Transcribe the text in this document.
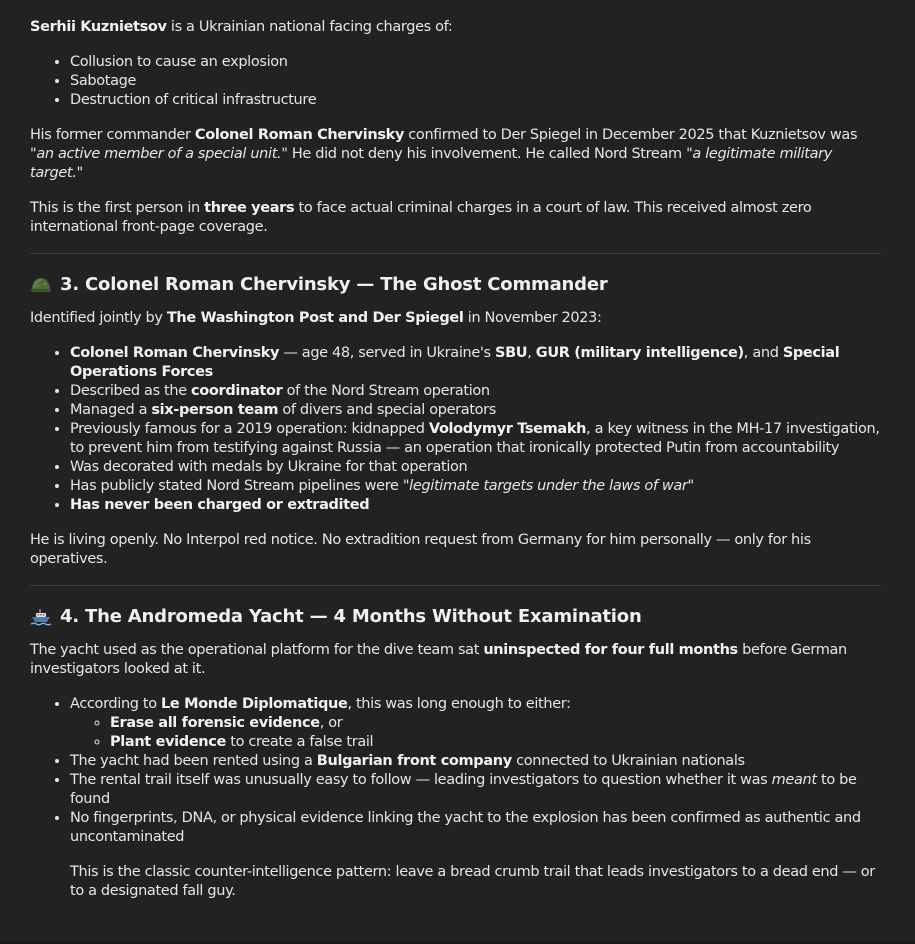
Serhii Kuznietsov is a Ukrainian national facing charges of:

• Collusion to cause an explosion
• Sabotage
• Destruction of critical infrastructure

His former commander Colonel Roman Chervinsky confirmed to Der Spiegel in December 2025 that Kuznietsov was "an active member of a special unit." He did not deny his involvement. He called Nord Stream "a legitimate military target."

This is the first person in three years to face actual criminal charges in a court of law. This received almost zero international front-page coverage.

3. Colonel Roman Chervinsky — The Ghost Commander

Identified jointly by The Washington Post and Der Spiegel in November 2023:

• Colonel Roman Chervinsky — age 48, served in Ukraine's SBU, GUR (military intelligence), and Special Operations Forces
• Described as the coordinator of the Nord Stream operation
• Managed a six-person team of divers and special operators
• Previously famous for a 2019 operation: kidnapped Volodymyr Tsemakh, a key witness in the MH-17 investigation, to prevent him from testifying against Russia — an operation that ironically protected Putin from accountability
• Was decorated with medals by Ukraine for that operation
• Has publicly stated Nord Stream pipelines were "legitimate targets under the laws of war"
• Has never been charged or extradited

He is living openly. No Interpol red notice. No extradition request from Germany for him personally — only for his operatives.

4. The Andromeda Yacht — 4 Months Without Examination

The yacht used as the operational platform for the dive team sat uninspected for four full months before German investigators looked at it.

• According to Le Monde Diplomatique, this was long enough to either:
◦ Erase all forensic evidence, or
◦ Plant evidence to create a false trail
• The yacht had been rented using a Bulgarian front company connected to Ukrainian nationals
• The rental trail itself was unusually easy to follow — leading investigators to question whether it was meant to be found
• No fingerprints, DNA, or physical evidence linking the yacht to the explosion has been confirmed as authentic and uncontaminated

This is the classic counter-intelligence pattern: leave a bread crumb trail that leads investigators to a dead end — or to a designated fall guy.
